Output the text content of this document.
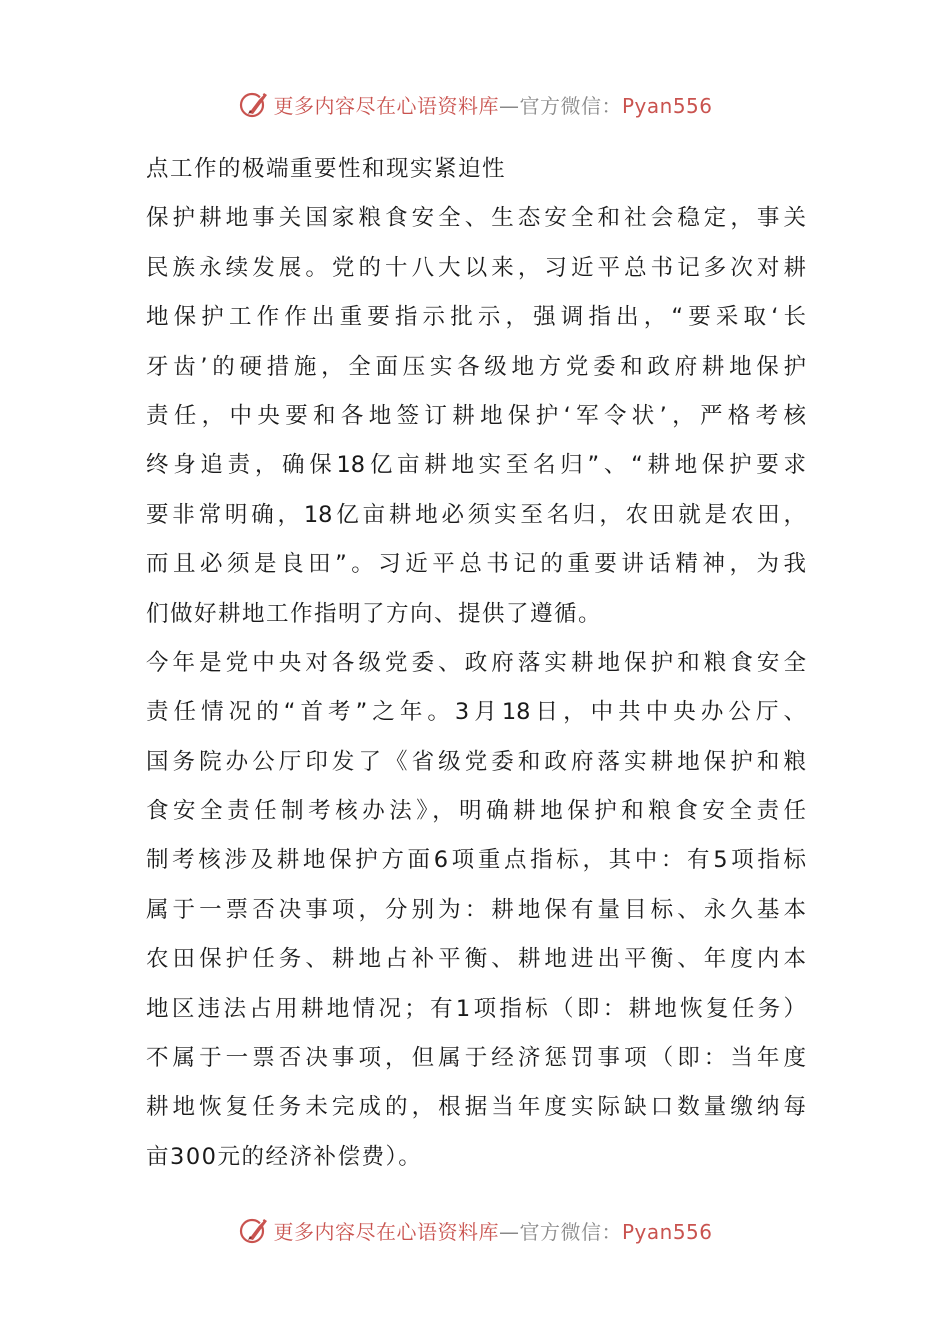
更多内容尽在心语资料库—官方微信：Pyan556
点工作的极端重要性和现实紧迫性
保护耕地事关国家粮食安全、生态安全和社会稳定，事关
民族永续发展。党的十八大以来，习近平总书记多次对耕
地保护工作作出重要指示批示，强调指出，“要采取‘长
牙齿’的硬措施，全面压实各级地方党委和政府耕地保护
责任，中央要和各地签订耕地保护‘军令状’，严格考核
终身追责，确保18亿亩耕地实至名归”、“耕地保护要求
要非常明确，18亿亩耕地必须实至名归，农田就是农田，
而且必须是良田”。习近平总书记的重要讲话精神，为我
们做好耕地工作指明了方向、提供了遵循。
今年是党中央对各级党委、政府落实耕地保护和粮食安全
责任情况的“首考”之年。3月18日，中共中央办公厅、
国务院办公厅印发了《省级党委和政府落实耕地保护和粮
食安全责任制考核办法》，明确耕地保护和粮食安全责任
制考核涉及耕地保护方面6项重点指标，其中：有5项指标
属于一票否决事项，分别为：耕地保有量目标、永久基本
农田保护任务、耕地占补平衡、耕地进出平衡、年度内本
地区违法占用耕地情况；有1项指标（即：耕地恢复任务）
不属于一票否决事项，但属于经济惩罚事项（即：当年度
耕地恢复任务未完成的，根据当年度实际缺口数量缴纳每
亩300元的经济补偿费）。
更多内容尽在心语资料库—官方微信：Pyan556
